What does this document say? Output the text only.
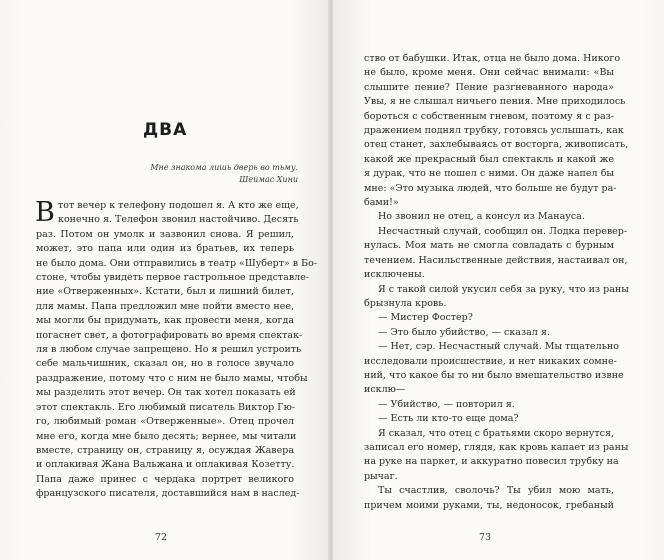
ДВА
Мне знакома лишь дверь во тьму.
Шеймас Хини
В тот вечер к телефону подошел я. А кто же еще,
конечно я. Телефон звонил настойчиво. Десять
раз. Потом он умолк и зазвонил снова. Я решил,
может, это папа или один из братьев, их теперь
не было дома. Они отправились в театр «Шуберт» в Бо-
стоне, чтобы увидеть первое гастрольное представле-
ние «Отверженных». Кстати, был и лишний билет,
для мамы. Папа предложил мне пойти вместо нее,
мы могли бы придумать, как провести меня, когда
погаснет свет, а фотографировать во время спектак-
ля в любом случае запрещено. Но я решил устроить
себе мальчишник, сказал он, но в голосе звучало
раздражение, потому что с ним не было мамы, чтобы
мы разделить этот вечер. Он так хотел показать ей
этот спектакль. Его любимый писатель Виктор Гю-
го, любимый роман «Отверженные». Отец прочел
мне его, когда мне было десять; вернее, мы читали
вместе, страницу он, страницу я, осуждая Жавера
и оплакивая Жана Вальжана и оплакивая Козетту.
Папа даже принес с чердака портрет великого
французского писателя, доставшийся нам в наслед-
72	73
ство от бабушки. Итак, отца не было дома. Никого
не было, кроме меня. Они сейчас внимали: «Вы
слышите пение? Пение разгневанного народа»
Увы, я не слышал ничьего пения. Мне приходилось
бороться с собственным гневом, поэтому я с раз-
дражением поднял трубку, готовясь услышать, как
отец станет, захлебываясь от восторга, живописать,
какой же прекрасный был спектакль и какой же
я дурак, что не пошел с ними. Он даже напел бы
мне: «Это музыка людей, что больше не будут ра-
бами!»
Но звонил не отец, а консул из Манауса.
Несчастный случай, сообщил он. Лодка перевер-
нулась. Моя мать не смогла совладать с бурным
течением. Насильственные действия, настаивал он,
исключены.
Я с такой силой укусил себя за руку, что из раны
брызнула кровь.
— Мистер Фостер?
— Это было убийство, — сказал я.
— Нет, сэр. Несчастный случай. Мы тщательно
исследовали происшествие, и нет никаких сомне-
ний, что какое бы то ни было вмешательство извне
исклю—
— Убийство, — повторил я.
— Есть ли кто-то еще дома?
Я сказал, что отец с братьями скоро вернутся,
записал его номер, глядя, как кровь капает из раны
на руке на паркет, и аккуратно повесил трубку на
рычаг.
Ты счастлив, сволочь? Ты убил мою мать,
причем моими руками, ты, недоносок, гребаный
